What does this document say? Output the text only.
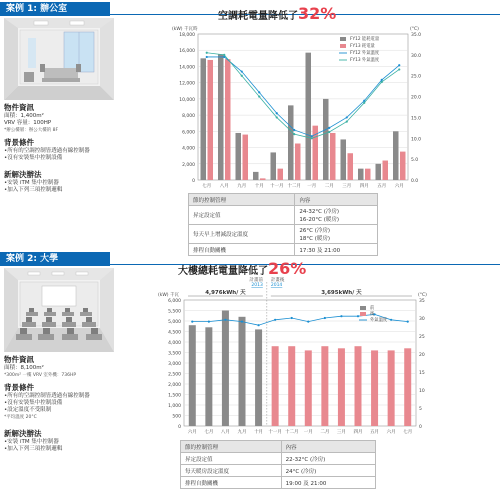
案例 1: 辦公室
物件資訊
面積：1,400m²
VRV 容量：100HP
*辦公樓層：辦公大樓的 8F
背景條件
•所有的空調控制皆透過有線控制器
•沒有安裝集中控制設備
新解決辦法
•安裝 iTM 集中控制器
•加入下列三項控制邏輯
空調耗電量降低了32%
0
2,000
4,000
6,000
8,000
10,000
12,000
14,000
16,000
18,000
0.0
5.0
10.0
15.0
20.0
25.0
30.0
35.0
(kW) 千瓦時	(°C)
七月 八月 九月 十月 十一月 十二月 一月 二月 三月 四月 五月 六月
FY12 能耗電量
FY13 耗電量
FY12 外氣溫度
FY13 外氣溫度
節約控制管理	內容
昇定設定值	24-32°C (冷房)
16-20°C (暖房)

每天早上增減設定溫度	26°C (冷房)
18°C (暖房)

排程自動關機	17:30 及 21:00
案例 2: 大學
物件資訊
面積：8,100m²
*300m² 一樓 VRV 室外機：736HP
背景條件
•所有的空調控制皆透過有線控制器
•沒有安裝集中控制設備
•設定溫度不受限制
*平均溫度 20°C
新解決辦法
•安裝 iTM 集中控制器
•加入下列三項控制邏輯
大樓總耗電量降低了26%
0
500
1,000
1,500
2,000
2,500
3,000
3,500
4,000
4,500
5,000
5,500
6,000
0
5
10
15
20
25
30
35
(kW) 千瓦	(°C)
六月 七月 八月 九月 十月 十一月 十二月 一月 二月 三月 四月 五月 六月 七月
計畫前
2013
計畫後
2014
4,976kWh/ 天	3,695kWh/ 天
前
後
外氣溫度
節約控制管理	內容
昇定設定值	22-32°C (冷房)
每天暖房設定溫度	24°C (冷房)
排程自動關機	19:00 及 21:00
